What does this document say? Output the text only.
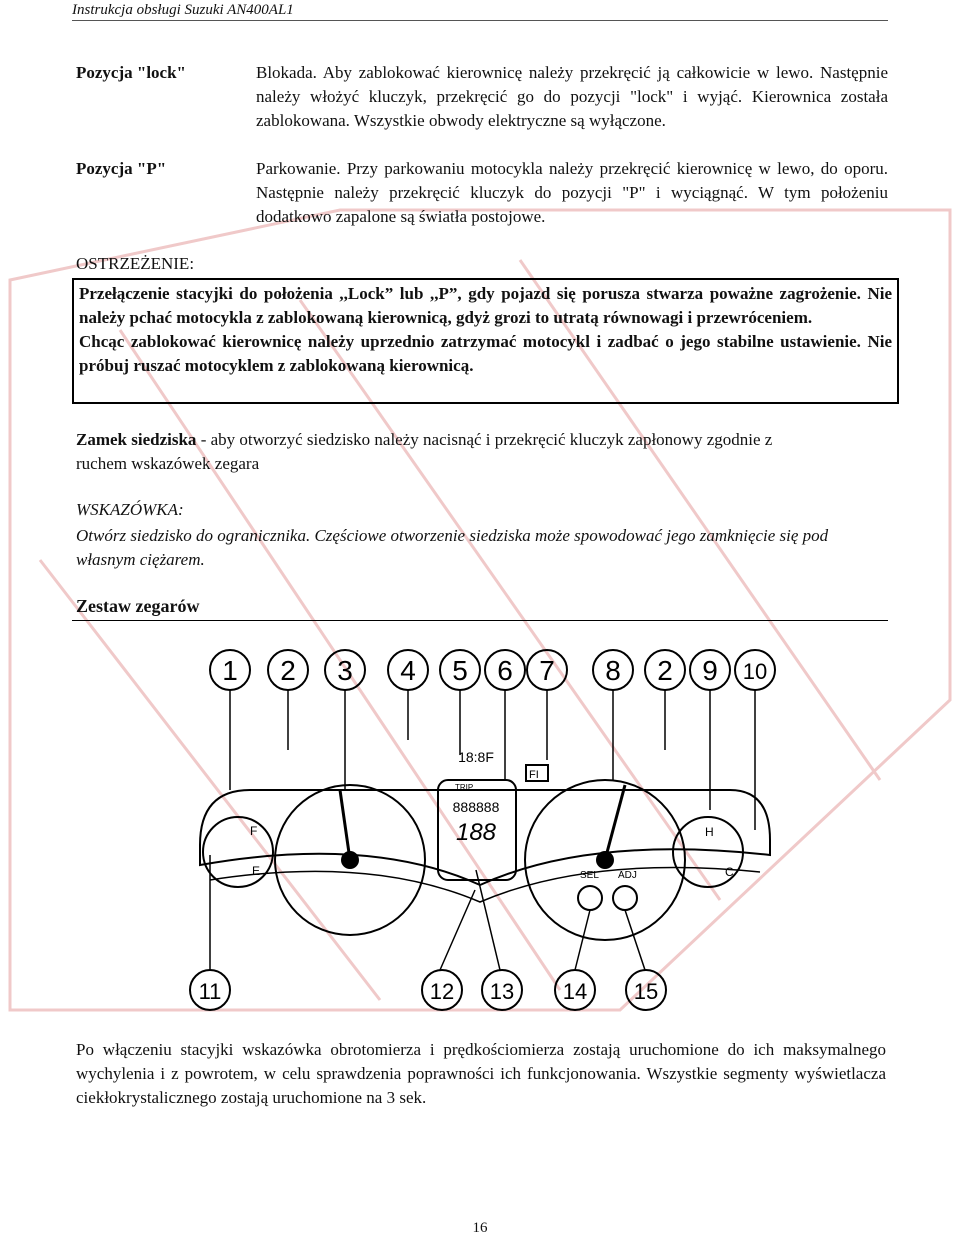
Instrukcja obsługi Suzuki AN400AL1
Pozycja "lock"	Blokada. Aby zablokować kierownicę należy przekręcić ją całkowicie w lewo. Następnie należy włożyć kluczyk, przekręcić go do pozycji "lock" i wyjąć. Kierownica została zablokowana. Wszystkie obwody elektryczne są wyłączone.
Pozycja "P"	Parkowanie. Przy parkowaniu motocykla należy przekręcić kierownicę w lewo, do oporu. Następnie należy przekręcić kluczyk do pozycji "P" i wyciągnąć. W tym położeniu dodatkowo zapalone są światła postojowe.
OSTRZEŻENIE:

Przełączenie stacyjki do położenia ,,Lock” lub ,,P”, gdy pojazd się porusza stwarza poważne zagrożenie. Nie należy pchać motocykla z zablokowaną kierownicą, gdyż grozi to utratą równowagi i przewróceniem.

Chcąc zablokować kierownicę należy uprzednio zatrzymać motocykl i zadbać o jego stabilne ustawienie. Nie próbuj ruszać motocyklem z zablokowaną kierownicą.

Zamek siedziska - aby otworzyć siedzisko należy nacisnąć i przekręcić kluczyk zapłonowy zgodnie z ruchem wskazówek zegara
WSKAZÓWKA:
Otwórz siedzisko do ogranicznika. Częściowe otworzenie siedziska może spowodować jego zamknięcie się pod własnym ciężarem.
Zestaw zegarów
1 2 3 4 5 6 7 8 2 9 10
F
E
888888
TRIP
188
18:8F
H
C
FI
SEL ADJ
11	12 13 14 15
Po włączeniu stacyjki wskazówka obrotomierza i prędkościomierza zostają uruchomione do ich maksymalnego wychylenia i z powrotem, w celu sprawdzenia poprawności ich funkcjonowania. Wszystkie segmenty wyświetlacza ciekłokrystalicznego zostają uruchomione na 3 sek.
16
